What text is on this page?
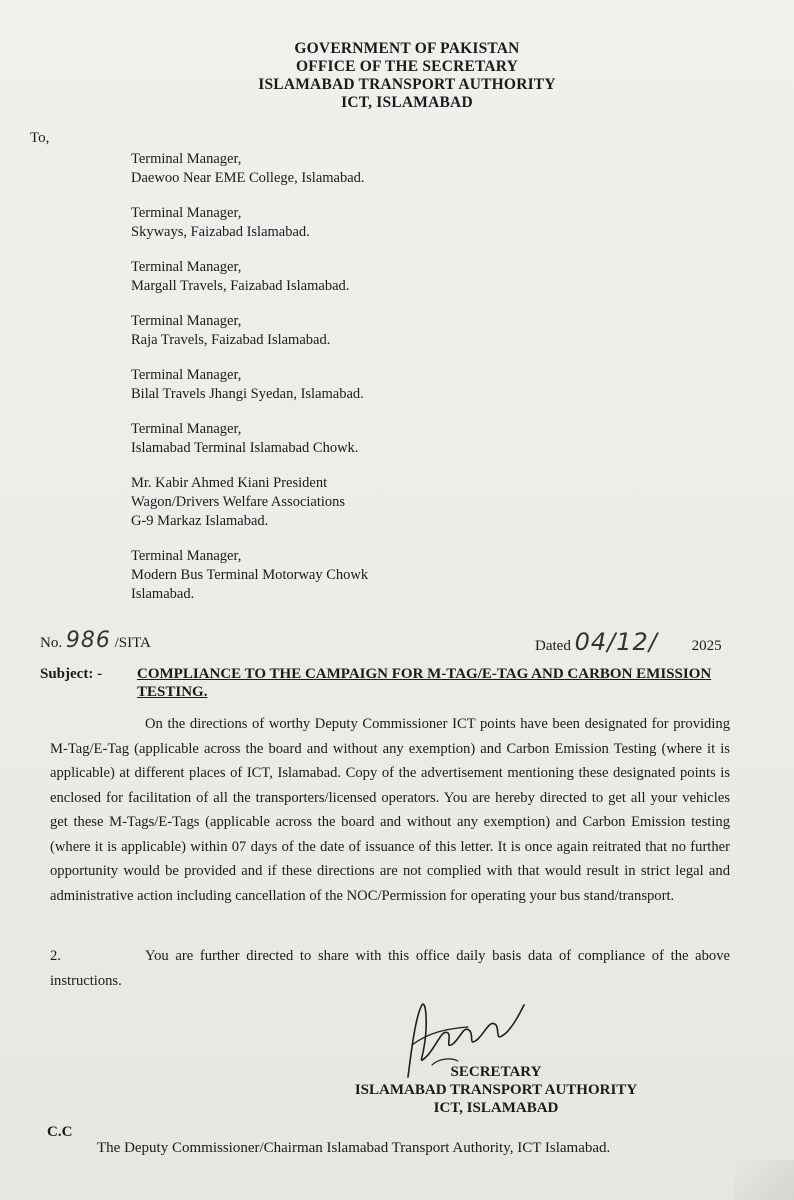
GOVERNMENT OF PAKISTAN
OFFICE OF THE SECRETARY
ISLAMABAD TRANSPORT AUTHORITY
ICT, ISLAMABAD
To,
Terminal Manager,
Daewoo Near EME College, Islamabad.
Terminal Manager,
Skyways, Faizabad Islamabad.
Terminal Manager,
Margall Travels, Faizabad Islamabad.
Terminal Manager,
Raja Travels, Faizabad Islamabad.
Terminal Manager,
Bilal Travels Jhangi Syedan, Islamabad.
Terminal Manager,
Islamabad Terminal Islamabad Chowk.
Mr. Kabir Ahmed Kiani President
Wagon/Drivers Welfare Associations
G-9 Markaz Islamabad.
Terminal Manager,
Modern Bus Terminal Motorway Chowk
Islamabad.
No. 986 /SITA	Dated 04/12/ 2025
Subject: - COMPLIANCE TO THE CAMPAIGN FOR M-TAG/E-TAG AND CARBON EMISSION TESTING.
On the directions of worthy Deputy Commissioner ICT points have been designated for providing M-Tag/E-Tag (applicable across the board and without any exemption) and Carbon Emission Testing (where it is applicable) at different places of ICT, Islamabad. Copy of the advertisement mentioning these designated points is enclosed for facilitation of all the transporters/licensed operators. You are hereby directed to get all your vehicles get these M-Tags/E-Tags (applicable across the board and without any exemption) and Carbon Emission testing (where it is applicable) within 07 days of the date of issuance of this letter. It is once again reitrated that no further opportunity would be provided and if these directions are not complied with that would result in strict legal and administrative action including cancellation of the NOC/Permission for operating your bus stand/transport.
2.	You are further directed to share with this office daily basis data of compliance of the above instructions.
SECRETARY
ISLAMABAD TRANSPORT AUTHORITY
ICT, ISLAMABAD
C.C
The Deputy Commissioner/Chairman Islamabad Transport Authority, ICT Islamabad.
